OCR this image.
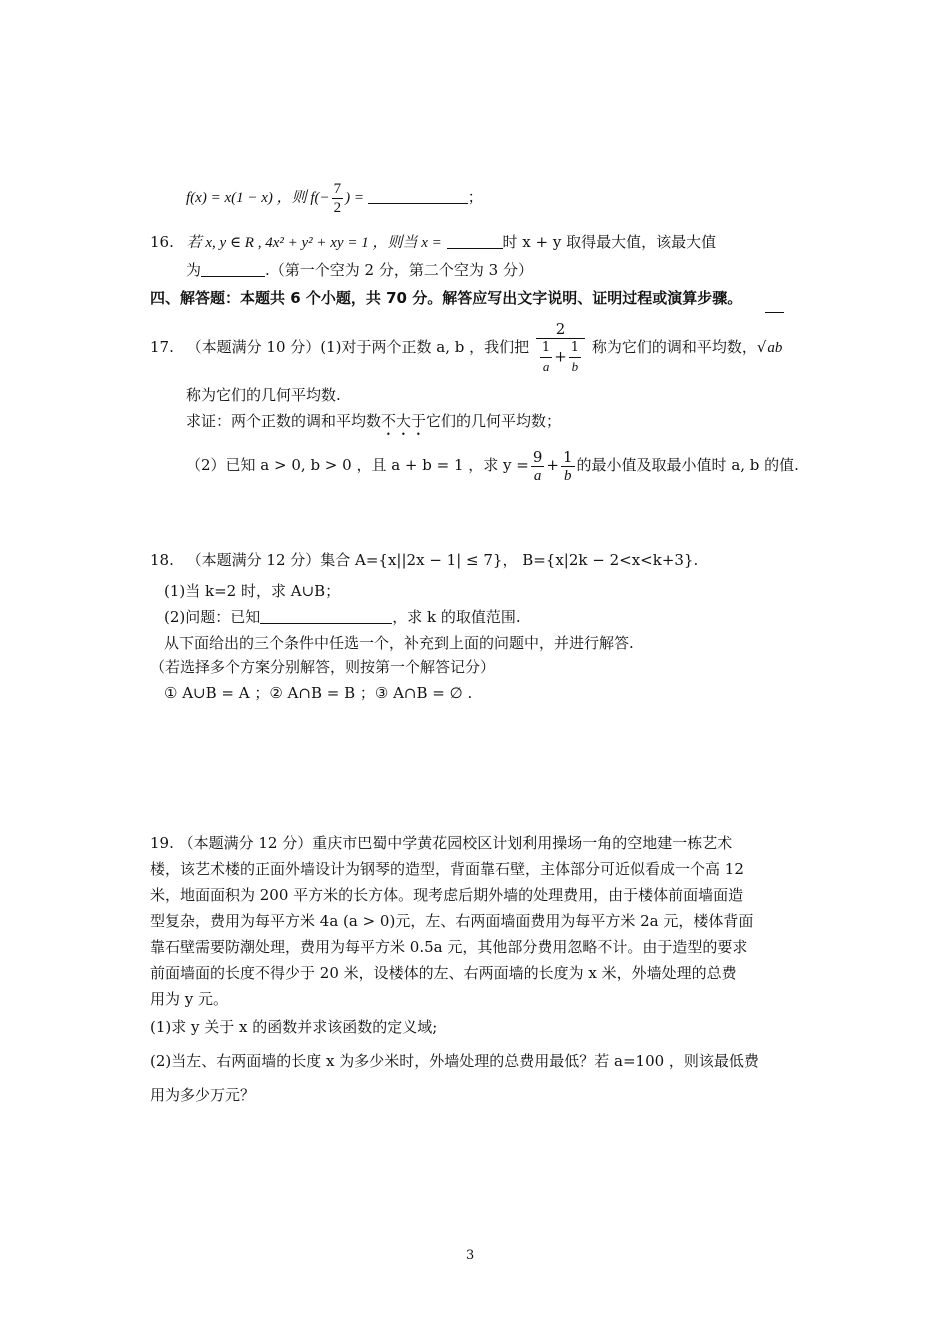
f(x) = x(1 − x) ，则 $f(- \frac{7}{2}$ ) =	；
16. 若 x, y ∈ R , 4x² + y² + xy = 1 ，则当 x =	时 x + y 取得最大值，该最大值
为	.（第一个空为 2 分，第二个空为 3 分）
四、解答题：本题共 6 个小题，共 70 分。解答应写出文字说明、证明过程或演算步骤。
17. （本题满分 10 分）(1)对于两个正数 a, b ，我们把 $\frac{2}{\frac{1}{a} + \frac{1}{b}}$ 称为它们的调和平均数，√ab
称为它们的几何平均数.
求证：两个正数的调和平均数不大于它们的几何平均数；
（2）已知 a > 0, b > 0 ，且 a + b = 1 ，求 $y = \frac{9}{a} + \frac{1}{b}$ 的最小值及取最小值时 a, b 的值.
18. （本题满分 12 分）集合 A={x||2x − 1| ≤ 7}， B={x|2k − 2<x<k+3}.
(1)当 k=2 时，求 A∪B；
(2)问题：已知	，求 k 的取值范围.
从下面给出的三个条件中任选一个，补充到上面的问题中，并进行解答.
（若选择多个方案分别解答，则按第一个解答记分）
① A∪B = A ；② A∩B = B ；③ A∩B = ∅ .
19. （本题满分 12 分）重庆市巴蜀中学黄花园校区计划利用操场一角的空地建一栋艺术
楼，该艺术楼的正面外墙设计为钢琴的造型，背面靠石壁，主体部分可近似看成一个高 12
米，地面面积为 200 平方米的长方体。现考虑后期外墙的处理费用，由于楼体前面墙面造
型复杂，费用为每平方米 4a (a > 0)元，左、右两面墙面费用为每平方米 2a 元，楼体背面
靠石壁需要防潮处理，费用为每平方米 0.5a 元，其他部分费用忽略不计。由于造型的要求
前面墙面的长度不得少于 20 米，设楼体的左、右两面墙的长度为 x 米，外墙处理的总费
用为 y 元。
(1)求 y 关于 x 的函数并求该函数的定义域;
(2)当左、右两面墙的长度 x 为多少米时，外墙处理的总费用最低？若 a=100 ，则该最低费
用为多少万元？
3
